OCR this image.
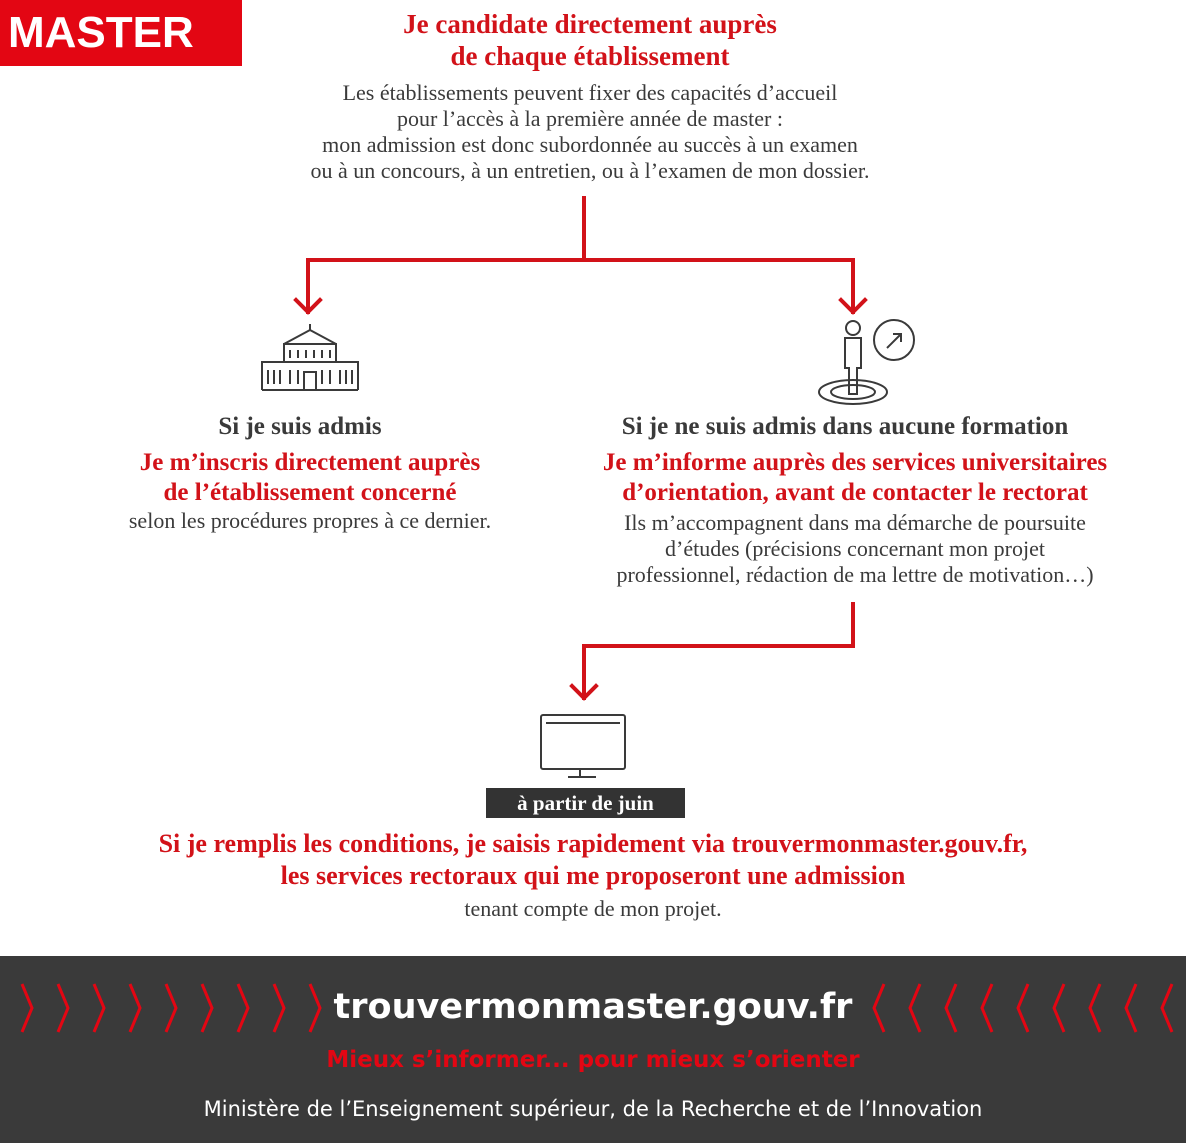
MASTER	Je candidate directement auprès
de chaque établissement
Les établissements peuvent fixer des capacités d’accueil
pour l’accès à la première année de master :
mon admission est donc subordonnée au succès à un examen
ou à un concours, à un entretien, ou à l’examen de mon dossier.
Si je suis admis
Je m’inscris directement auprès
de l’établissement concerné
selon les procédures propres à ce dernier.
Si je ne suis admis dans aucune formation
Je m’informe auprès des services universitaires
d’orientation, avant de contacter le rectorat
Ils m’accompagnent dans ma démarche de poursuite
d’études (précisions concernant mon projet
professionnel, rédaction de ma lettre de motivation…)
à partir de juin
Si je remplis les conditions, je saisis rapidement via trouvermonmaster.gouv.fr,
les services rectoraux qui me proposeront une admission
tenant compte de mon projet.
trouvermonmaster.gouv.fr
Mieux s’informer... pour mieux s’orienter
Ministère de l’Enseignement supérieur, de la Recherche et de l’Innovation
